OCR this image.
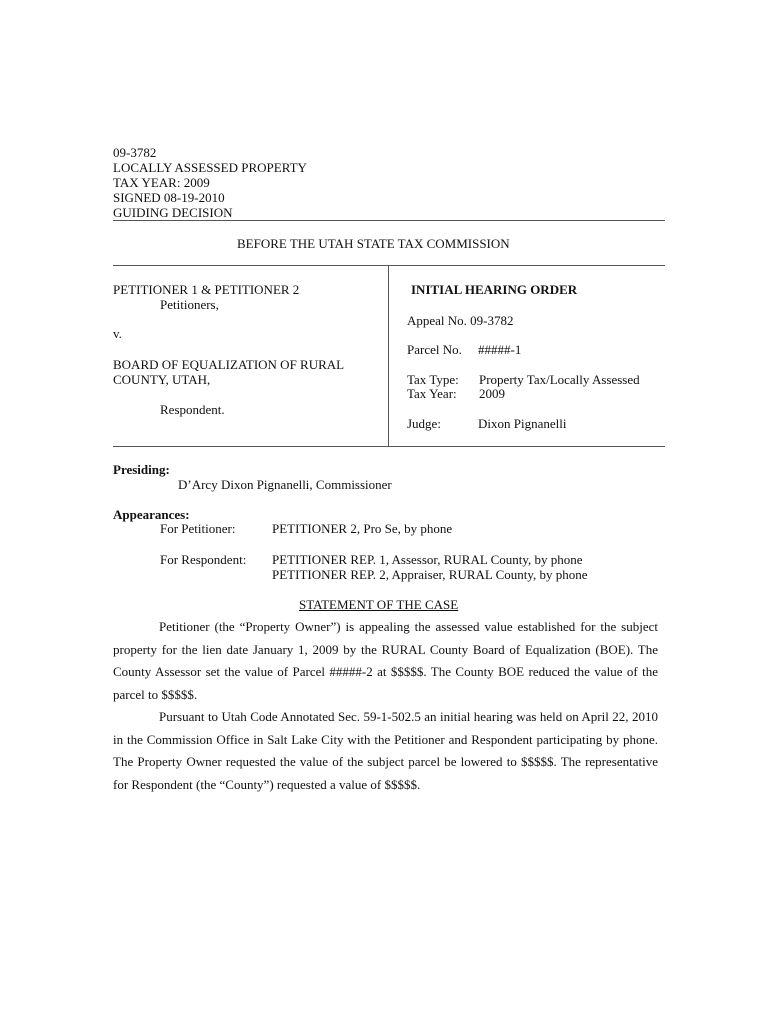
09-3782
LOCALLY ASSESSED PROPERTY
TAX YEAR: 2009
SIGNED 08-19-2010
GUIDING DECISION
BEFORE THE UTAH STATE TAX COMMISSION
PETITIONER 1 & PETITIONER 2
Petitioners,
v.
BOARD OF EQUALIZATION OF RURAL
COUNTY, UTAH,
Respondent.
INITIAL HEARING ORDER
Appeal No. 09-3782
Parcel No. #####-1
Tax Type: Property Tax/Locally Assessed
Tax Year: 2009
Judge:	Dixon Pignanelli
Presiding:
D’Arcy Dixon Pignanelli, Commissioner
Appearances:
For Petitioner:	PETITIONER 2, Pro Se, by phone
For Respondent: PETITIONER REP. 1, Assessor, RURAL County, by phone
PETITIONER REP. 2, Appraiser, RURAL County, by phone
STATEMENT OF THE CASE
Petitioner (the “Property Owner”) is appealing the assessed value established for the subject property for the lien date January 1, 2009 by the RURAL County Board of Equalization (BOE). The County Assessor set the value of Parcel #####-2 at $$$$$. The County BOE reduced the value of the parcel to $$$$$.
Pursuant to Utah Code Annotated Sec. 59-1-502.5 an initial hearing was held on April 22, 2010 in the Commission Office in Salt Lake City with the Petitioner and Respondent participating by phone. The Property Owner requested the value of the subject parcel be lowered to $$$$$. The representative for Respondent (the “County”) requested a value of $$$$$.
